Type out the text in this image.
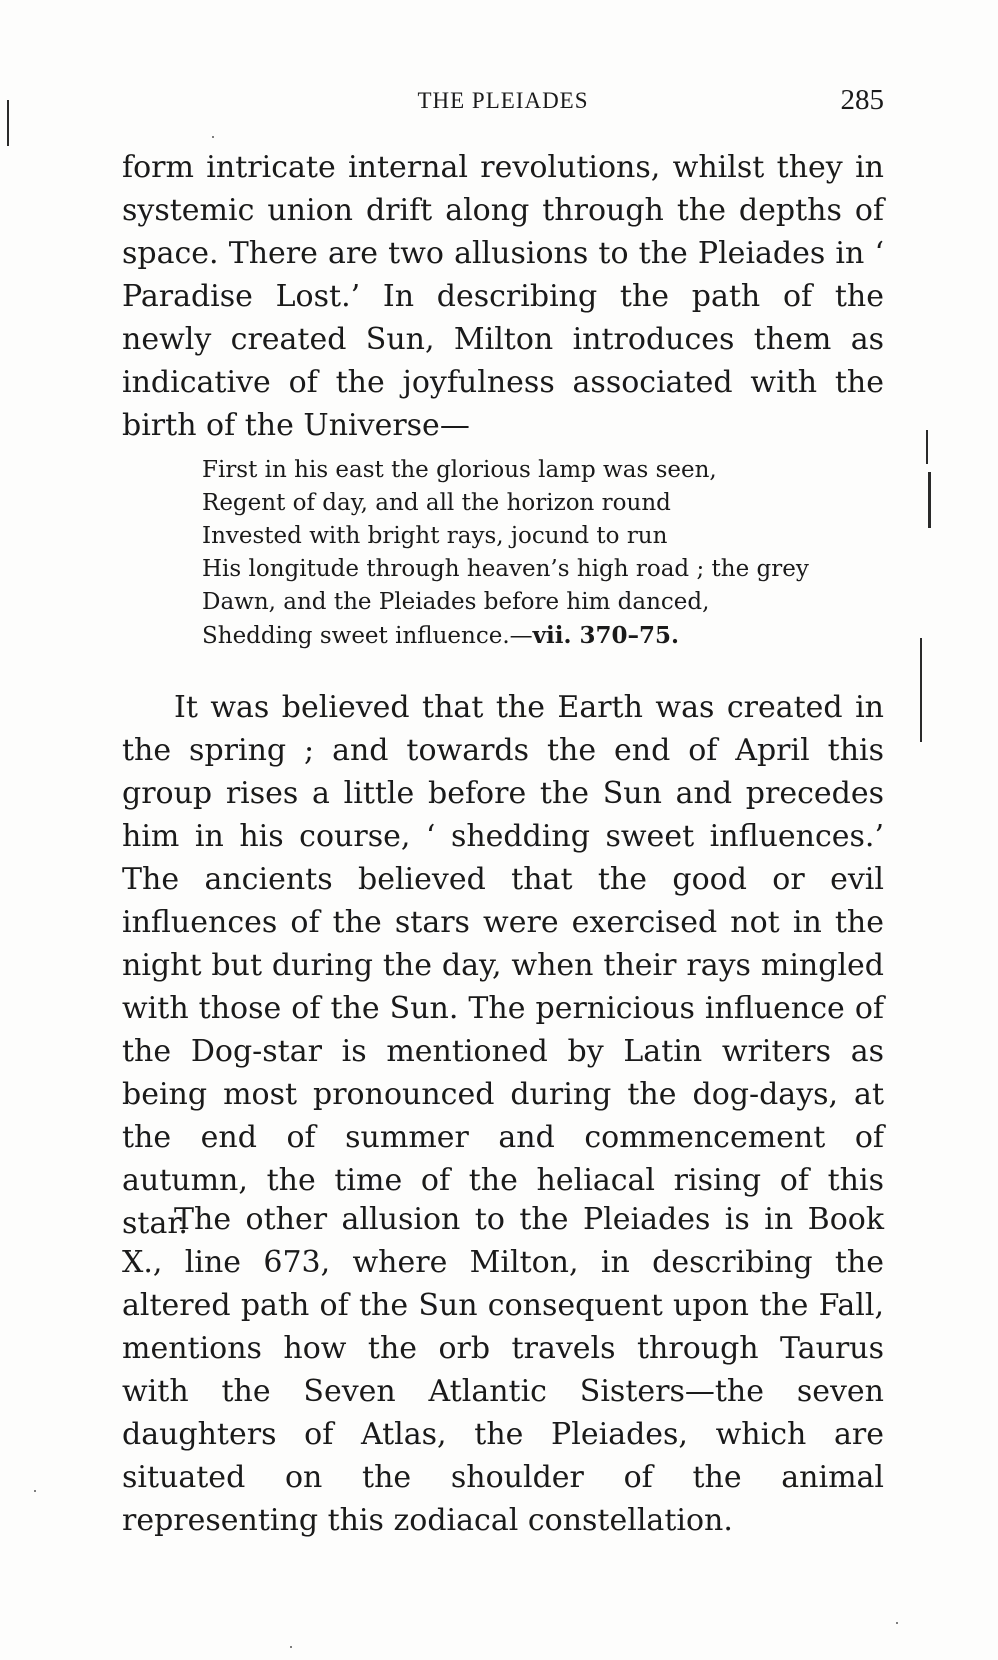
THE PLEIADES	285

form intricate internal revolutions, whilst they in systemic union drift along through the depths of space. There are two allusions to the Pleiades in ‘ Paradise Lost.’ In describing the path of the newly created Sun, Milton introduces them as indicative of the joyfulness associated with the birth of the Universe—

First in his east the glorious lamp was seen,
Regent of day, and all the horizon round
Invested with bright rays, jocund to run
His longitude through heaven’s high road ; the grey
Dawn, and the Pleiades before him danced,
Shedding sweet influence.—vii. 370–75.

It was believed that the Earth was created in the spring ; and towards the end of April this group rises a little before the Sun and precedes him in his course, ‘ shedding sweet influences.’ The ancients believed that the good or evil influences of the stars were exercised not in the night but during the day, when their rays mingled with those of the Sun. The pernicious influence of the Dog-star is mentioned by Latin writers as being most pronounced during the dog-days, at the end of summer and commencement of autumn, the time of the heliacal rising of this star.

The other allusion to the Pleiades is in Book X., line 673, where Milton, in describing the altered path of the Sun consequent upon the Fall, mentions how the orb travels through Taurus with the Seven Atlantic Sisters—the seven daughters of Atlas, the Pleiades, which are situated on the shoulder of the animal representing this zodiacal constellation.
